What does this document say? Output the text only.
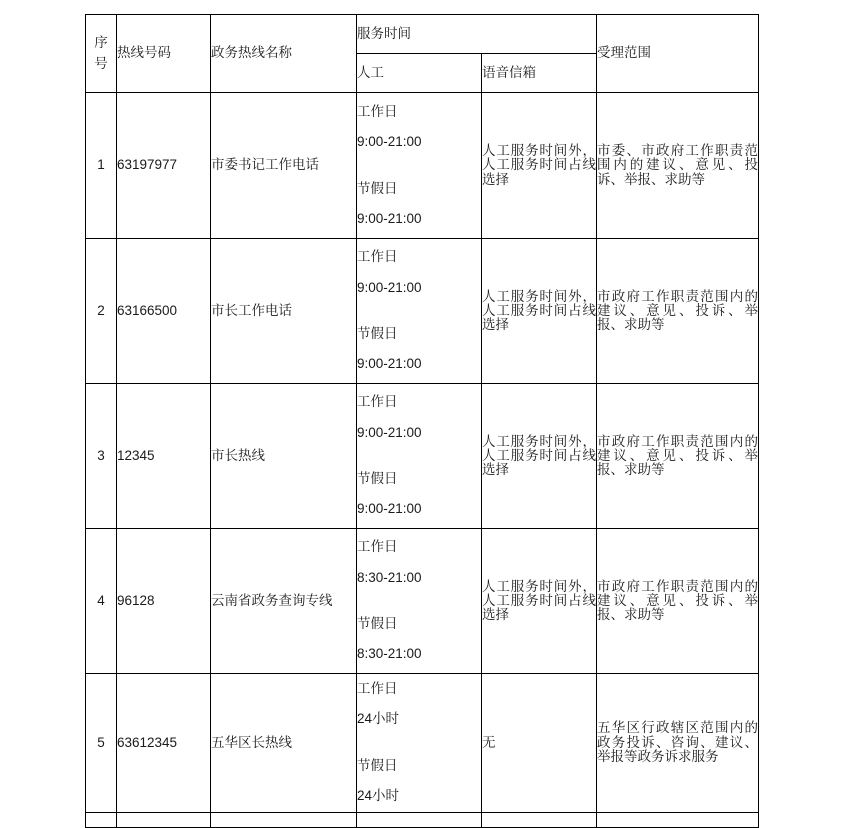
序
号	热线号码	政务热线名称	服务时间		受理范围
			人工	语音信箱	
1	63197977	市委书记工作电话	工作日
9:00-21:00
节假日
9:00-21:00	人工服务时间外，人工服务时间占线选择	市委、市政府工作职责范围内的建议、意见、投诉、举报、求助等
2	63166500	市长工作电话	工作日
9:00-21:00
节假日
9:00-21:00	人工服务时间外，人工服务时间占线选择	市政府工作职责范围内的建议、意见、投诉、举报、求助等
3	12345	市长热线	工作日
9:00-21:00
节假日
9:00-21:00	人工服务时间外，人工服务时间占线选择	市政府工作职责范围内的建议、意见、投诉、举报、求助等
4	96128	云南省政务查询专线	工作日
8:30-21:00
节假日
8:30-21:00	人工服务时间外，人工服务时间占线选择	市政府工作职责范围内的建议、意见、投诉、举报、求助等
5	63612345	五华区长热线	工作日
24小时
节假日
24小时	无	五华区行政辖区范围内的政务投诉、咨询、建议、举报等政务诉求服务
